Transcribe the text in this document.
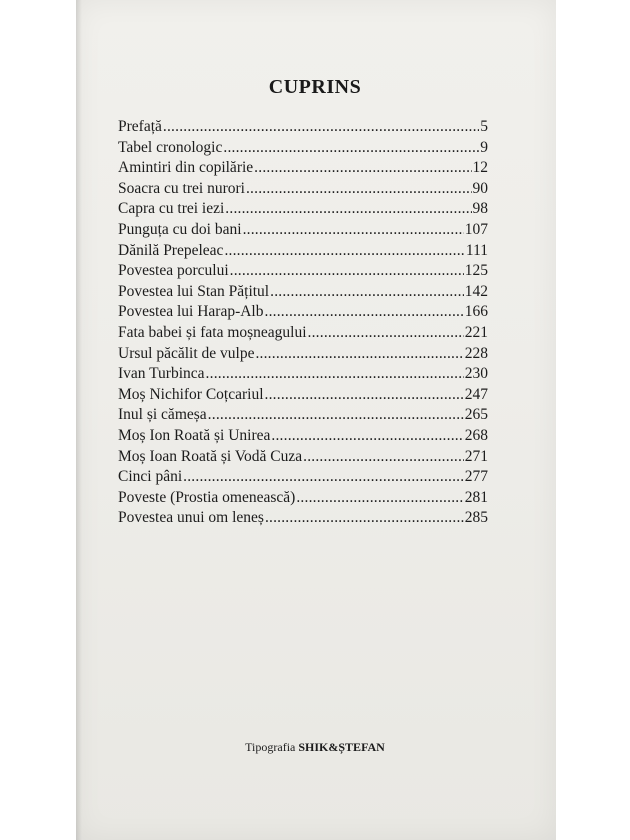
CUPRINS
Prefață .....	5
Tabel cronologic .....	9
Amintiri din copilărie .....	12
Soacra cu trei nurori .....	90
Capra cu trei iezi .....	98
Punguța cu doi bani .....	107
Dănilă Prepeleac .....	111
Povestea porcului .....	125
Povestea lui Stan Pățitul .....	142
Povestea lui Harap-Alb .....	166
Fata babei și fata moșneagului .....	221
Ursul păcălit de vulpe .....	228
Ivan Turbinca .....	230
Moș Nichifor Coțcariul .....	247
Inul și cămeșa .....	265
Moș Ion Roată și Unirea .....	268
Moș Ioan Roată și Vodă Cuza .....	271
Cinci pâni .....	277
Poveste (Prostia omenească) .....	281
Povestea unui om leneș .....	285
Tipografia SHIK&ȘTEFAN
